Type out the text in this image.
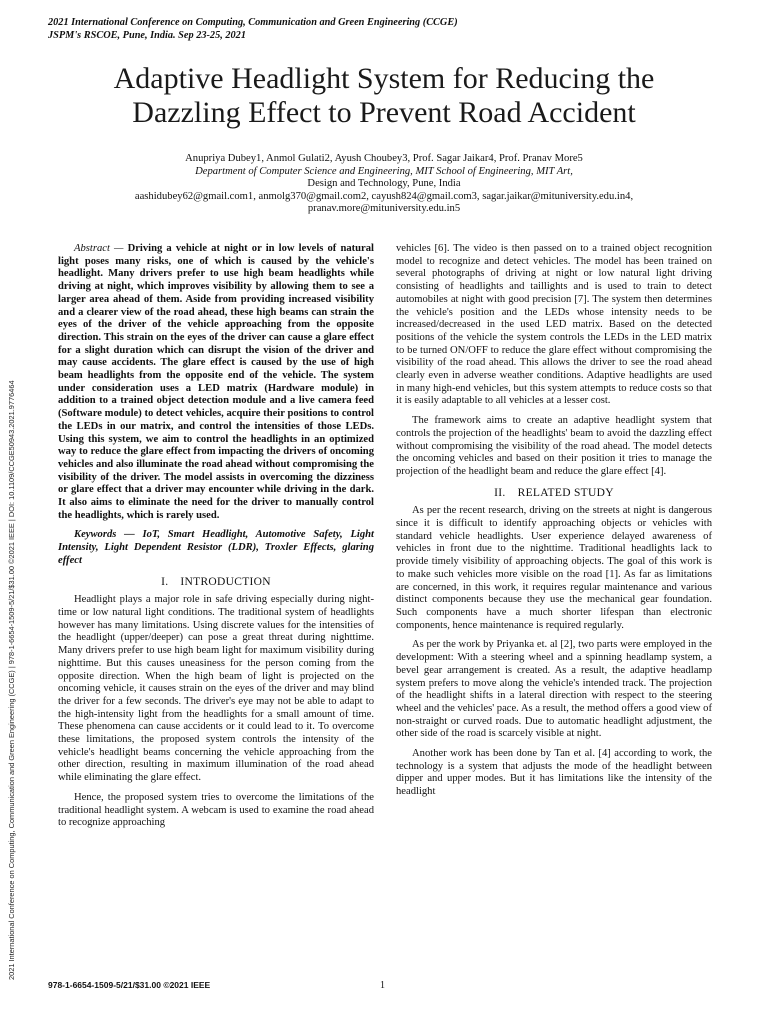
2021 International Conference on Computing, Communication and Green Engineering (CCGE)
JSPM's RSCOE, Pune, India. Sep 23-25, 2021
Adaptive Headlight System for Reducing the
Dazzling Effect to Prevent Road Accident
Anupriya Dubey1, Anmol Gulati2, Ayush Choubey3, Prof. Sagar Jaikar4, Prof. Pranav More5
Department of Computer Science and Engineering, MIT School of Engineering, MIT Art,
Design and Technology, Pune, India
aashidubey62@gmail.com1, anmolg370@gmail.com2, cayush824@gmail.com3, sagar.jaikar@mituniversity.edu.in4,
pranav.more@mituniversity.edu.in5
2021 International Conference on Computing, Communication and Green Engineering (CCGE) | 978-1-6654-1509-5/21/$31.00 ©2021 IEEE | DOI: 10.1109/CCGE50943.2021.9776464

Abstract — Driving a vehicle at night or in low levels of natural light poses many risks, one of which is caused by the vehicle's headlight. Many drivers prefer to use high beam headlights while driving at night, which improves visibility by allowing them to see a larger area ahead of them. Aside from providing increased visibility and a clearer view of the road ahead, these high beams can strain the eyes of the driver of the vehicle approaching from the opposite direction. This strain on the eyes of the driver can cause a glare effect for a slight duration which can disrupt the vision of the driver and may cause accidents. The glare effect is caused by the use of high beam headlights from the opposite end of the vehicle. The system under consideration uses a LED matrix (Hardware module) in addition to a trained object detection module and a live camera feed (Software module) to detect vehicles, acquire their positions to control the LEDs in our matrix, and control the intensities of those LEDs. Using this system, we aim to control the headlights in an optimized way to reduce the glare effect from impacting the drivers of oncoming vehicles and also illuminate the road ahead without compromising the visibility of the driver. The model assists in overcoming the dizziness or glare effect that a driver may encounter while driving in the dark. It also aims to eliminate the need for the driver to manually control the headlights, which is rarely used.

Keywords — IoT, Smart Headlight, Automotive Safety, Light Intensity, Light Dependent Resistor (LDR), Troxler Effects, glaring effect

I. INTRODUCTION

Headlight plays a major role in safe driving especially during night-time or low natural light conditions. The traditional system of headlights however has many limitations. Using discrete values for the intensities of the headlight (upper/deeper) can pose a great threat during nighttime. Many drivers prefer to use high beam light for maximum visibility during nighttime. But this causes uneasiness for the person coming from the opposite direction. When the high beam of light is projected on the oncoming vehicle, it causes strain on the eyes of the driver and may blind the driver for a few seconds. The driver's eye may not be able to adapt to the high-intensity light from the headlights for a small amount of time. These phenomena can cause accidents or it could lead to it. To overcome these limitations, the proposed system controls the intensity of the vehicle's headlight beams concerning the vehicle approaching from the other direction, resulting in maximum illumination of the road ahead while eliminating the glare effect.

Hence, the proposed system tries to overcome the limitations of the traditional headlight system. A webcam is used to examine the road ahead to recognize approaching

vehicles [6]. The video is then passed on to a trained object recognition model to recognize and detect vehicles. The model has been trained on several photographs of driving at night or low natural light driving consisting of headlights and taillights and is used to train to detect automobiles at night with good precision [7]. The system then determines the vehicle's position and the LEDs whose intensity needs to be increased/decreased in the used LED matrix. Based on the detected positions of the vehicle the system controls the LEDs in the LED matrix to be turned ON/OFF to reduce the glare effect without compromising the visibility of the road ahead. This allows the driver to see the road ahead clearly even in adverse weather conditions. Adaptive headlights are used in many high-end vehicles, but this system attempts to reduce costs so that it is easily adaptable to all vehicles at a lesser cost.

The framework aims to create an adaptive headlight system that controls the projection of the headlights' beam to avoid the dazzling effect without compromising the visibility of the road ahead. The model detects the oncoming vehicles and based on their position it tries to manage the projection of the headlight beam and reduce the glare effect [4].

II. RELATED STUDY

As per the recent research, driving on the streets at night is dangerous since it is difficult to identify approaching objects or vehicles with standard vehicle headlights. User experience delayed awareness of vehicles in front due to the nighttime. Traditional headlights lack to provide timely visibility of approaching objects. The goal of this work is to make such vehicles more visible on the road [1]. As far as limitations are concerned, in this work, it requires regular maintenance and various distinct components because they use the mechanical gear foundation. Such components have a much shorter lifespan than electronic components, hence maintenance is required regularly.

As per the work by Priyanka et. al [2], two parts were employed in the development: With a steering wheel and a spinning headlamp system, a bevel gear arrangement is created. As a result, the adaptive headlamp system prefers to move along the vehicle's intended track. The projection of the headlight shifts in a lateral direction with respect to the steering wheel and the vehicles' pace. As a result, the method offers a good view of non-straight or curved roads. Due to automatic headlight adjustment, the other side of the road is scarcely visible at night.

Another work has been done by Tan et al. [4] according to work, the technology is a system that adjusts the mode of the headlight between dipper and upper modes. But it has limitations like the intensity of the headlight

978-1-6654-1509-5/21/$31.00 ©2021 IEEE	1
